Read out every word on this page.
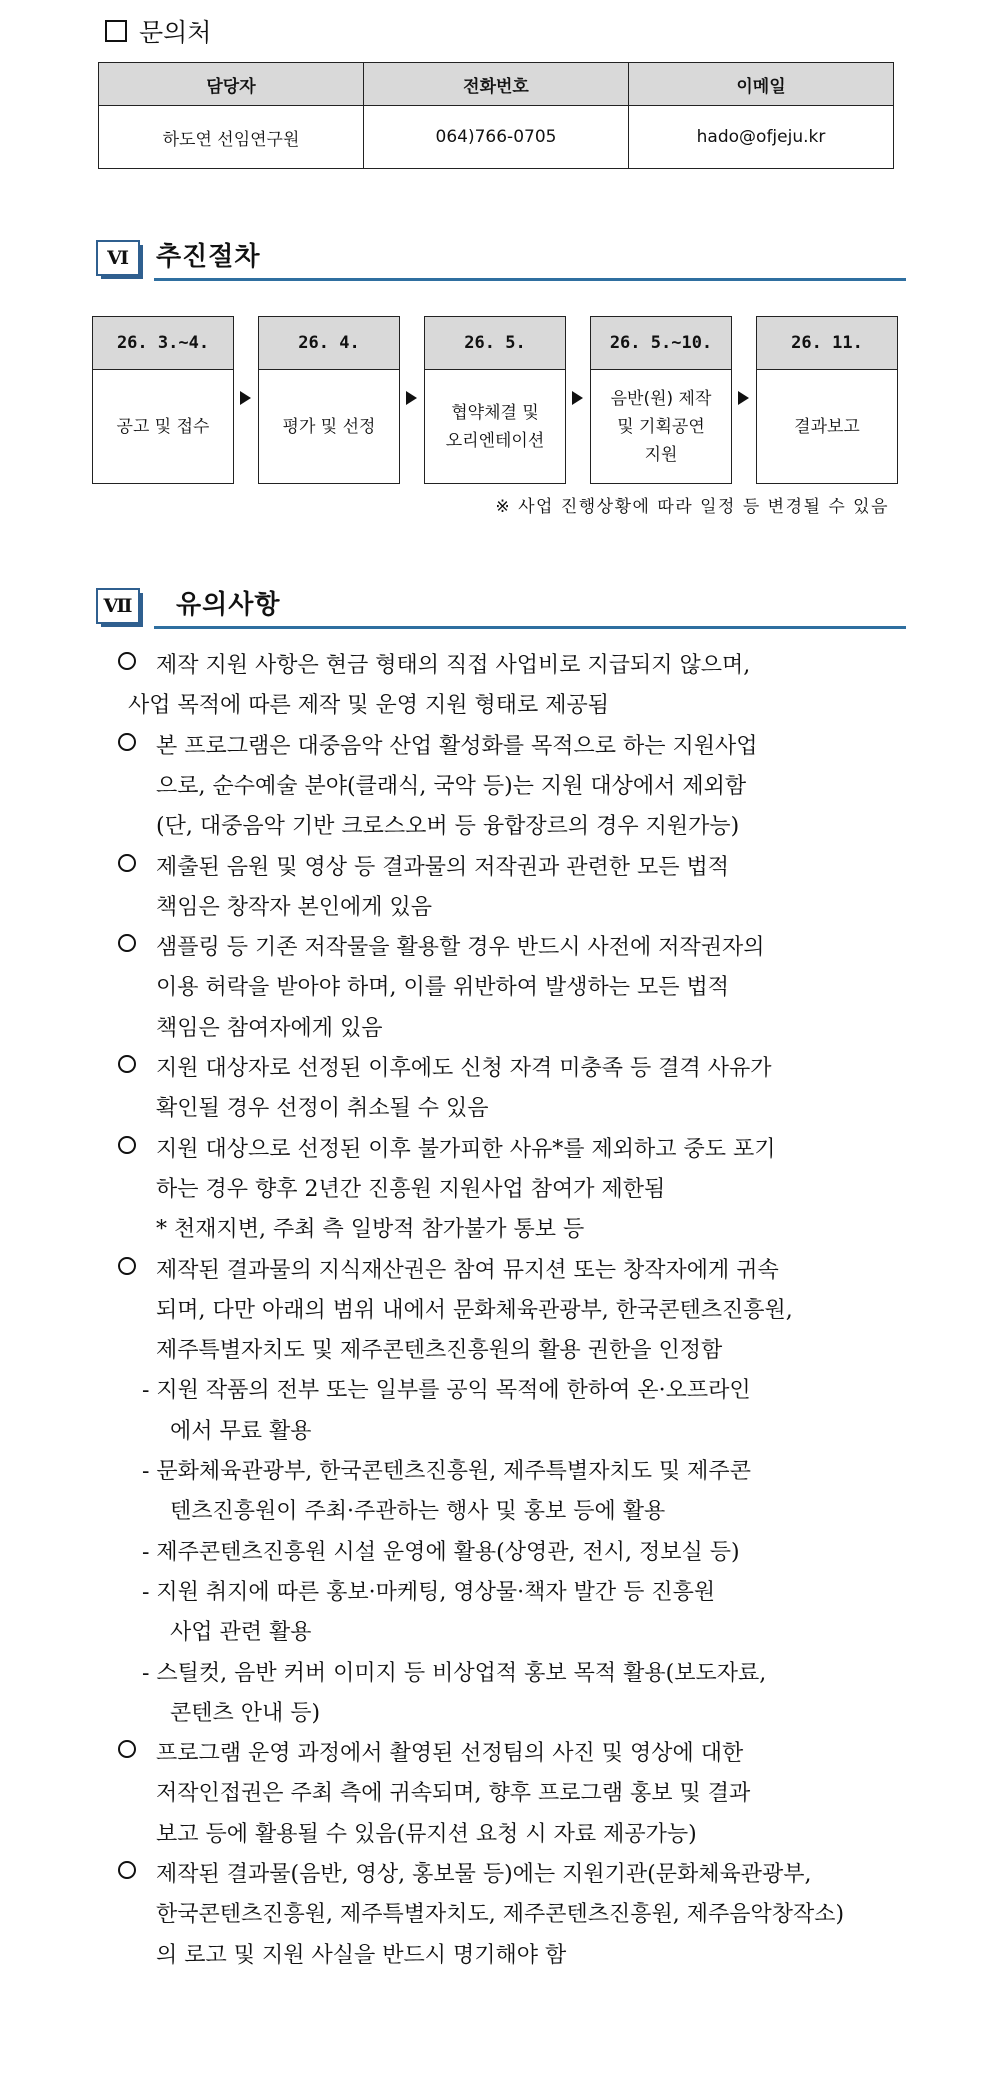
문의처
담당자	전화번호	이메일
하도연 선임연구원	064)766-0705	hado@ofjeju.kr
Ⅵ	추진절차
26. 3.~4.
공고 및 접수
26. 4.
평가 및 선정
26. 5.
협약체결 및
오리엔테이션
26. 5.~10.
음반(원) 제작
및 기획공연
지원
26. 11.
결과보고
※ 사업 진행상황에 따라 일정 등 변경될 수 있음
Ⅶ 유의사항
제작 지원 사항은 현금 형태의 직접 사업비로 지급되지 않으며,
사업 목적에 따른 제작 및 운영 지원 형태로 제공됨
본 프로그램은 대중음악 산업 활성화를 목적으로 하는 지원사업
으로, 순수예술 분야(클래식, 국악 등)는 지원 대상에서 제외함
(단, 대중음악 기반 크로스오버 등 융합장르의 경우 지원가능)
제출된 음원 및 영상 등 결과물의 저작권과 관련한 모든 법적
책임은 창작자 본인에게 있음
샘플링 등 기존 저작물을 활용할 경우 반드시 사전에 저작권자의
이용 허락을 받아야 하며, 이를 위반하여 발생하는 모든 법적
책임은 참여자에게 있음
지원 대상자로 선정된 이후에도 신청 자격 미충족 등 결격 사유가
확인될 경우 선정이 취소될 수 있음
지원 대상으로 선정된 이후 불가피한 사유*를 제외하고 중도 포기
하는 경우 향후 2년간 진흥원 지원사업 참여가 제한됨
* 천재지변, 주최 측 일방적 참가불가 통보 등
제작된 결과물의 지식재산권은 참여 뮤지션 또는 창작자에게 귀속
되며, 다만 아래의 범위 내에서 문화체육관광부, 한국콘텐츠진흥원,
제주특별자치도 및 제주콘텐츠진흥원의 활용 권한을 인정함
- 지원 작품의 전부 또는 일부를 공익 목적에 한하여 온·오프라인
에서 무료 활용
- 문화체육관광부, 한국콘텐츠진흥원, 제주특별자치도 및 제주콘
텐츠진흥원이 주최·주관하는 행사 및 홍보 등에 활용
- 제주콘텐츠진흥원 시설 운영에 활용(상영관, 전시, 정보실 등)
- 지원 취지에 따른 홍보·마케팅, 영상물·책자 발간 등 진흥원
사업 관련 활용
- 스틸컷, 음반 커버 이미지 등 비상업적 홍보 목적 활용(보도자료,
콘텐츠 안내 등)
프로그램 운영 과정에서 촬영된 선정팀의 사진 및 영상에 대한
저작인접권은 주최 측에 귀속되며, 향후 프로그램 홍보 및 결과
보고 등에 활용될 수 있음(뮤지션 요청 시 자료 제공가능)
제작된 결과물(음반, 영상, 홍보물 등)에는 지원기관(문화체육관광부,
한국콘텐츠진흥원, 제주특별자치도, 제주콘텐츠진흥원, 제주음악창작소)
의 로고 및 지원 사실을 반드시 명기해야 함
